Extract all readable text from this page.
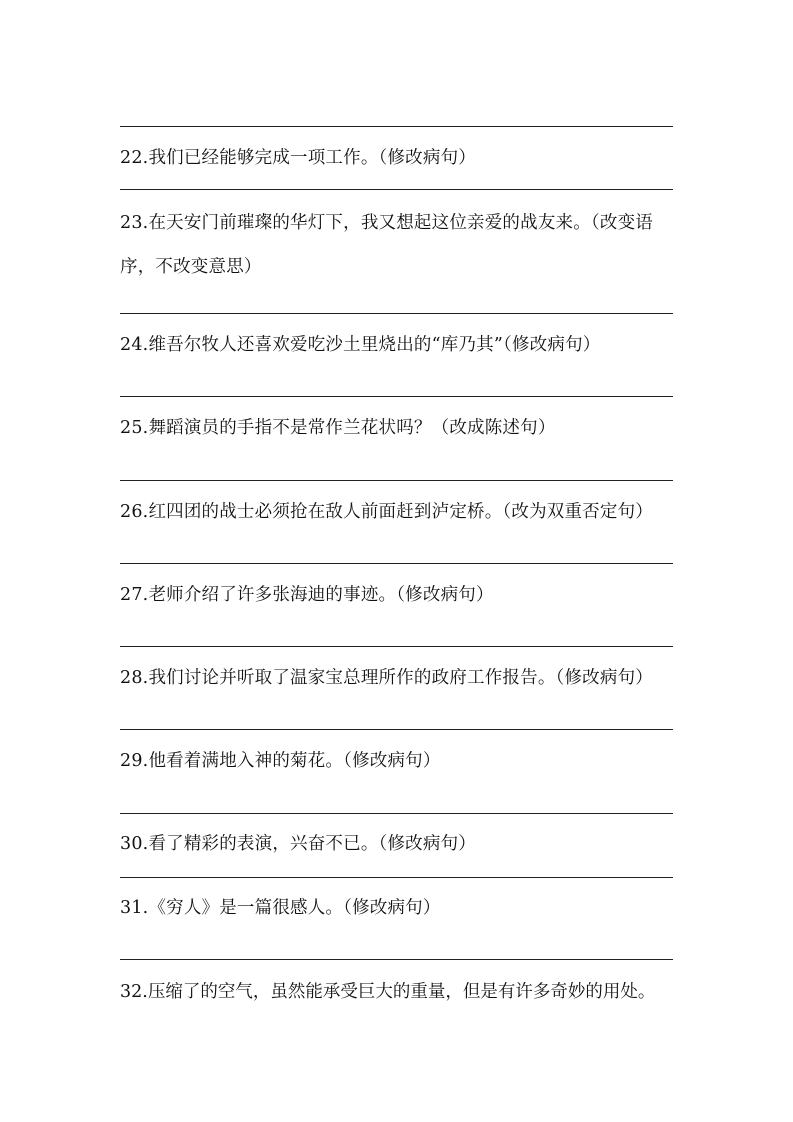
22.我们已经能够完成一项工作。（修改病句）
23.在天安门前璀璨的华灯下，我又想起这位亲爱的战友来。（改变语序，不改变意思）
24.维吾尔牧人还喜欢爱吃沙土里烧出的“库乃其”（修改病句）
25.舞蹈演员的手指不是常作兰花状吗？（改成陈述句）
26.红四团的战士必须抢在敌人前面赶到泸定桥。（改为双重否定句）
27.老师介绍了许多张海迪的事迹。（修改病句）
28.我们讨论并听取了温家宝总理所作的政府工作报告。（修改病句）
29.他看着满地入神的菊花。（修改病句）
30.看了精彩的表演，兴奋不已。（修改病句）
31.《穷人》是一篇很感人。（修改病句）
32.压缩了的空气，虽然能承受巨大的重量，但是有许多奇妙的用处。
